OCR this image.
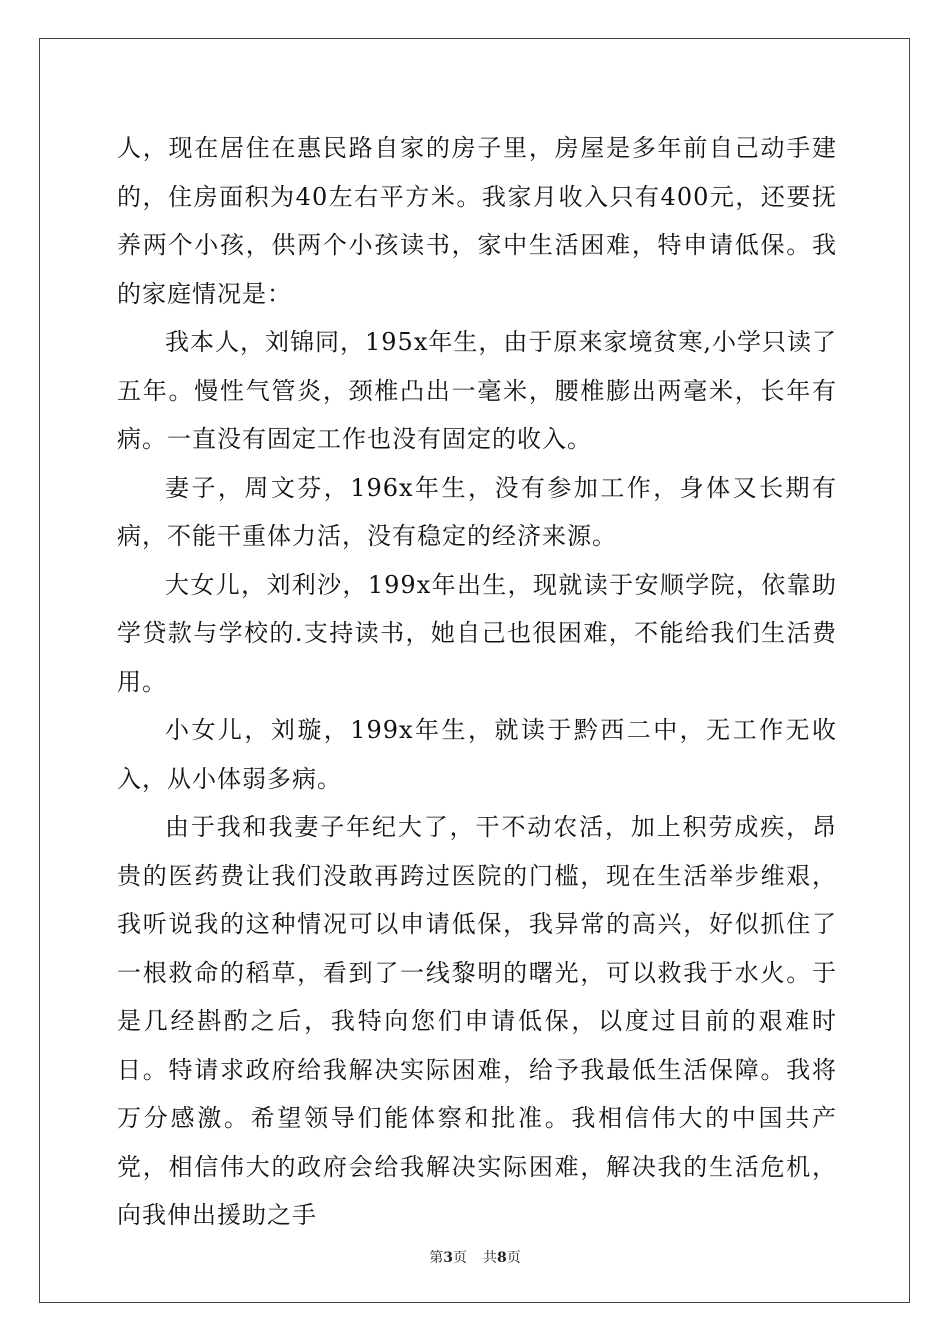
人，现在居住在惠民路自家的房子里，房屋是多年前自己动手建的，住房面积为40左右平方米。我家月收入只有400元，还要抚养两个小孩，供两个小孩读书，家中生活困难，特申请低保。我的家庭情况是：

我本人，刘锦同，195x年生，由于原来家境贫寒,小学只读了五年。慢性气管炎，颈椎凸出一毫米，腰椎膨出两毫米，长年有病。一直没有固定工作也没有固定的收入。

妻子，周文芬，196x年生，没有参加工作，身体又长期有病，不能干重体力活，没有稳定的经济来源。

大女儿，刘利沙，199x年出生，现就读于安顺学院，依靠助学贷款与学校的.支持读书，她自己也很困难，不能给我们生活费用。

小女儿，刘璇，199x年生，就读于黔西二中，无工作无收入，从小体弱多病。

由于我和我妻子年纪大了，干不动农活，加上积劳成疾，昂贵的医药费让我们没敢再跨过医院的门槛，现在生活举步维艰，我听说我的这种情况可以申请低保，我异常的高兴，好似抓住了一根救命的稻草，看到了一线黎明的曙光，可以救我于水火。于是几经斟酌之后，我特向您们申请低保，以度过目前的艰难时日。特请求政府给我解决实际困难，给予我最低生活保障。我将万分感激。希望领导们能体察和批准。我相信伟大的中国共产党，相信伟大的政府会给我解决实际困难，解决我的生活危机，向我伸出援助之手

第3页 共8页
